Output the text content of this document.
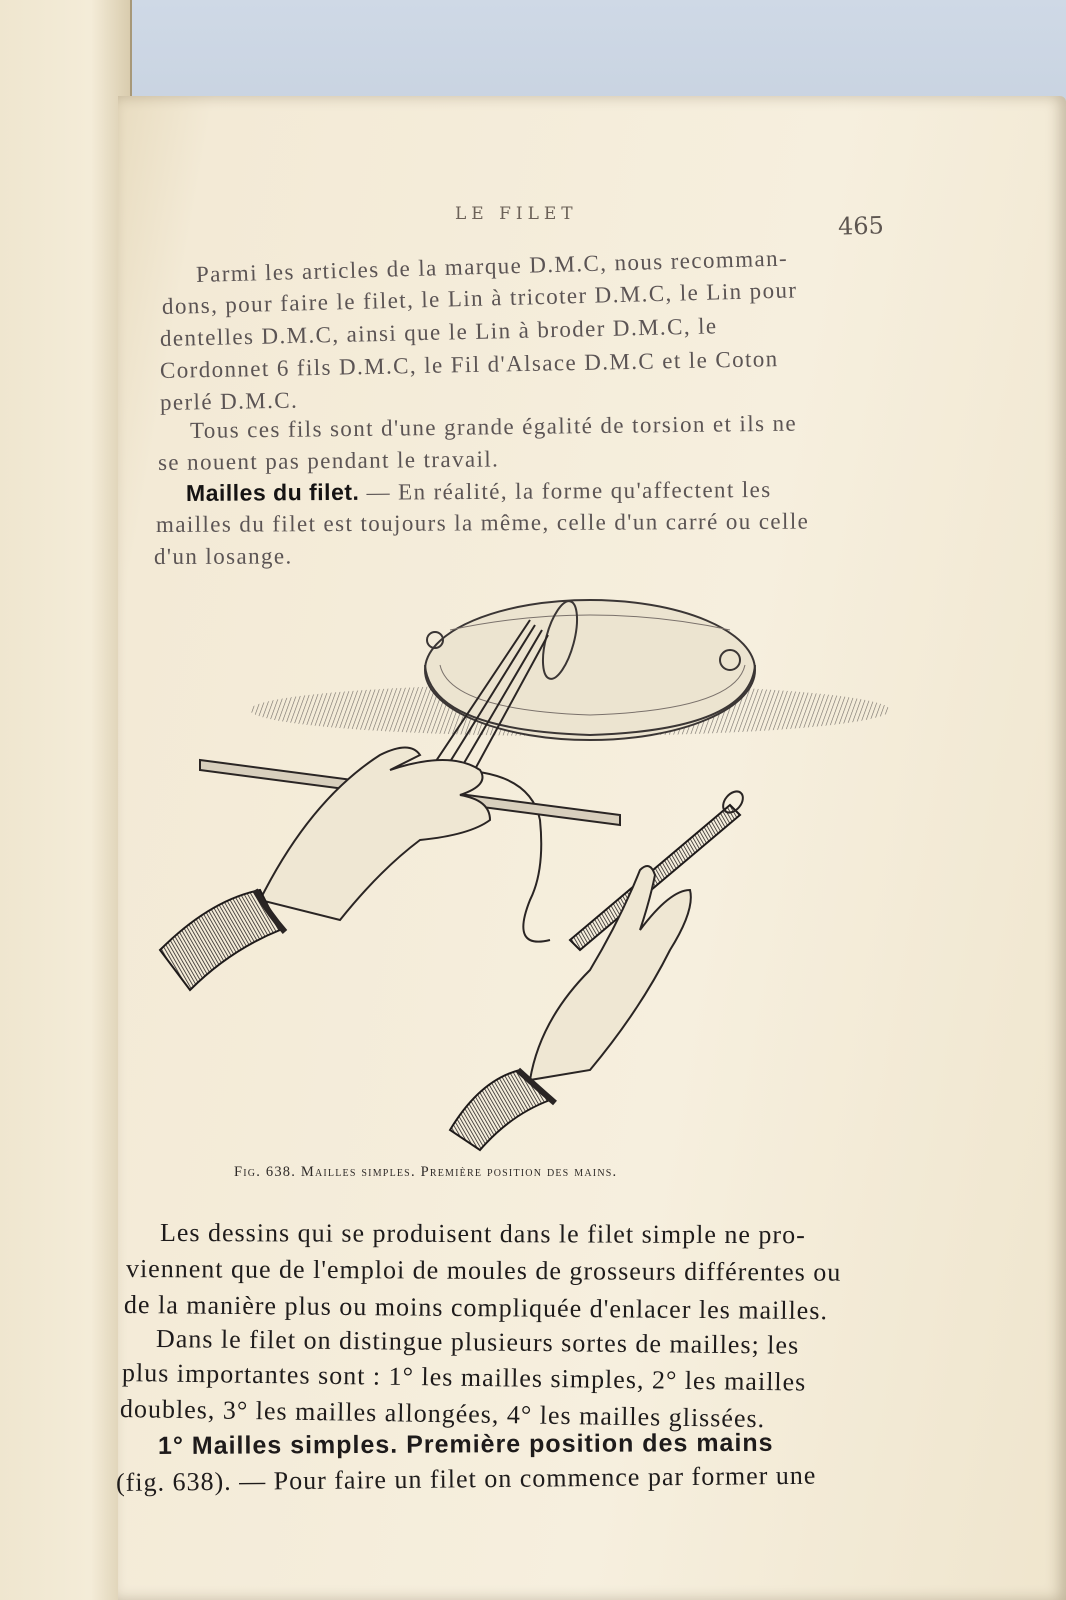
LE FILET	465
Parmi les articles de la marque D.M.C, nous recomman-
dons, pour faire le filet, le Lin à tricoter D.M.C, le Lin pour
dentelles D.M.C, ainsi que le Lin à broder D.M.C, le
Cordonnet 6 fils D.M.C, le Fil d'Alsace D.M.C et le Coton
perlé D.M.C.
Tous ces fils sont d'une grande égalité de torsion et ils ne
se nouent pas pendant le travail.
Mailles du filet. — En réalité, la forme qu'affectent les
mailles du filet est toujours la même, celle d'un carré ou celle
d'un losange.
Fig. 638. Mailles simples. Première position des mains.
Les dessins qui se produisent dans le filet simple ne pro-
viennent que de l'emploi de moules de grosseurs différentes ou
de la manière plus ou moins compliquée d'enlacer les mailles.
Dans le filet on distingue plusieurs sortes de mailles; les
plus importantes sont : 1° les mailles simples, 2° les mailles
doubles, 3° les mailles allongées, 4° les mailles glissées.
1° Mailles simples. Première position des mains
(fig. 638). — Pour faire un filet on commence par former une
